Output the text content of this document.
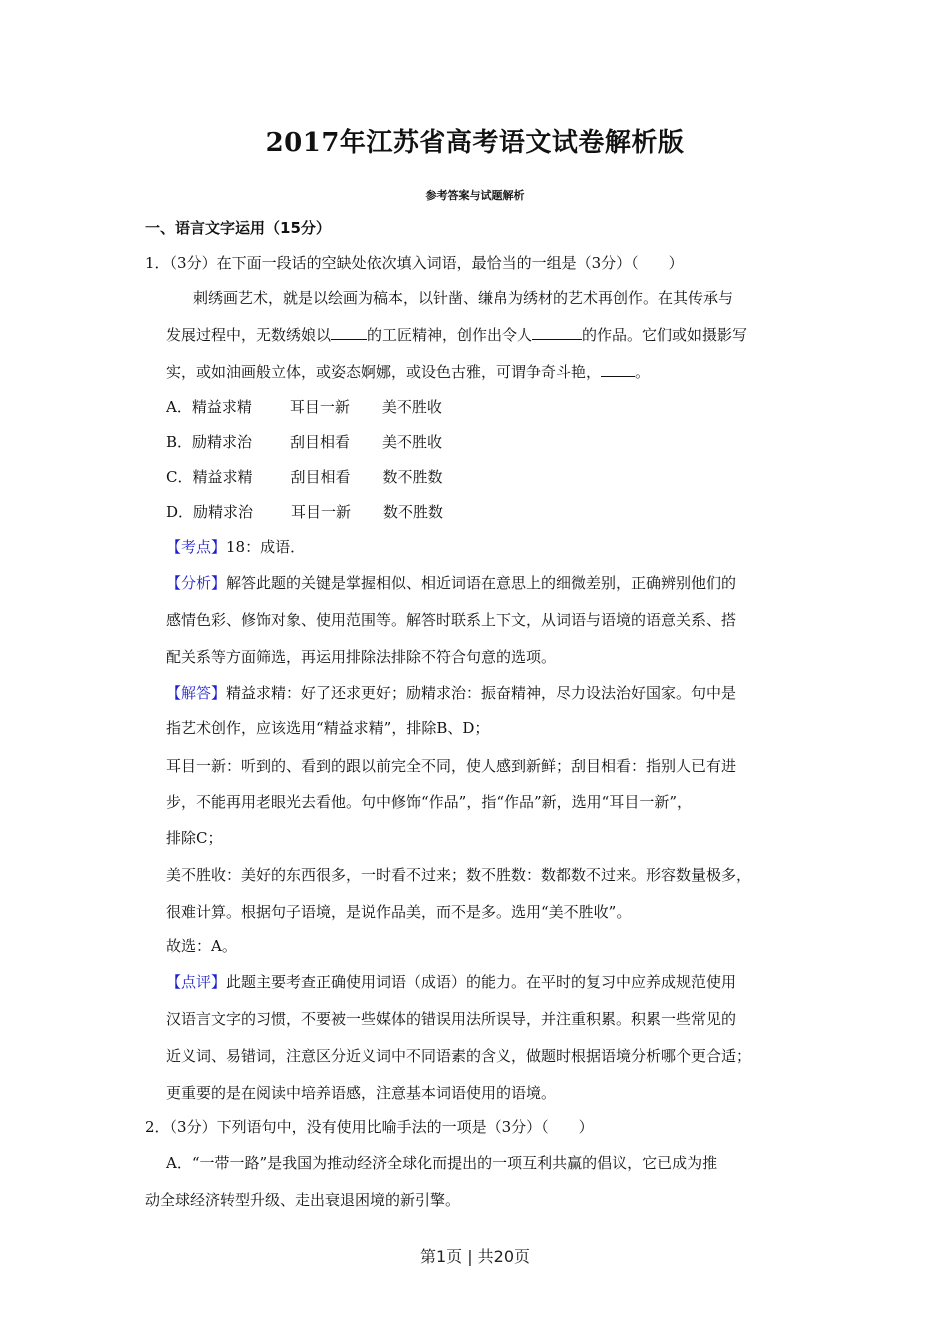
2017年江苏省高考语文试卷解析版
参考答案与试题解析
一、语言文字运用（15分）
1．（3分）在下面一段话的空缺处依次填入词语，最恰当的一组是（3分）（　　）
刺绣画艺术，就是以绘画为稿本，以针凿、缣帛为绣材的艺术再创作。在其传承与
发展过程中，无数绣娘以 的工匠精神，创作出令人	的作品。它们或如摄影写
实，或如油画般立体，或姿态婀娜，或设色古雅，可谓争奇斗艳， 。
A．精益求精	耳目一新 美不胜收
B．励精求治	刮目相看 美不胜收
C．精益求精	刮目相看 数不胜数
D．励精求治	耳目一新 数不胜数
【考点】18：成语．
【分析】解答此题的关键是掌握相似、相近词语在意思上的细微差别，正确辨别他们的
感情色彩、修饰对象、使用范围等。解答时联系上下文，从词语与语境的语意关系、搭
配关系等方面筛选，再运用排除法排除不符合句意的选项。
【解答】精益求精：好了还求更好；励精求治：振奋精神，尽力设法治好国家。句中是
指艺术创作，应该选用“精益求精”，排除B、D；
耳目一新：听到的、看到的跟以前完全不同，使人感到新鲜；刮目相看：指别人已有进
步，不能再用老眼光去看他。句中修饰“作品”，指“作品”新，选用“耳目一新”，
排除C；
美不胜收：美好的东西很多，一时看不过来；数不胜数：数都数不过来。形容数量极多，
很难计算。根据句子语境，是说作品美，而不是多。选用“美不胜收”。
故选：A。
【点评】此题主要考查正确使用词语（成语）的能力。在平时的复习中应养成规范使用
汉语言文字的习惯，不要被一些媒体的错误用法所误导，并注重积累。积累一些常见的
近义词、易错词，注意区分近义词中不同语素的含义，做题时根据语境分析哪个更合适；
更重要的是在阅读中培养语感，注意基本词语使用的语境。
2．（3分）下列语句中，没有使用比喻手法的一项是（3分）（　　）
A．“一带一路”是我国为推动经济全球化而提出的一项互利共赢的倡议，它已成为推
动全球经济转型升级、走出衰退困境的新引擎。
第1页 | 共20页
